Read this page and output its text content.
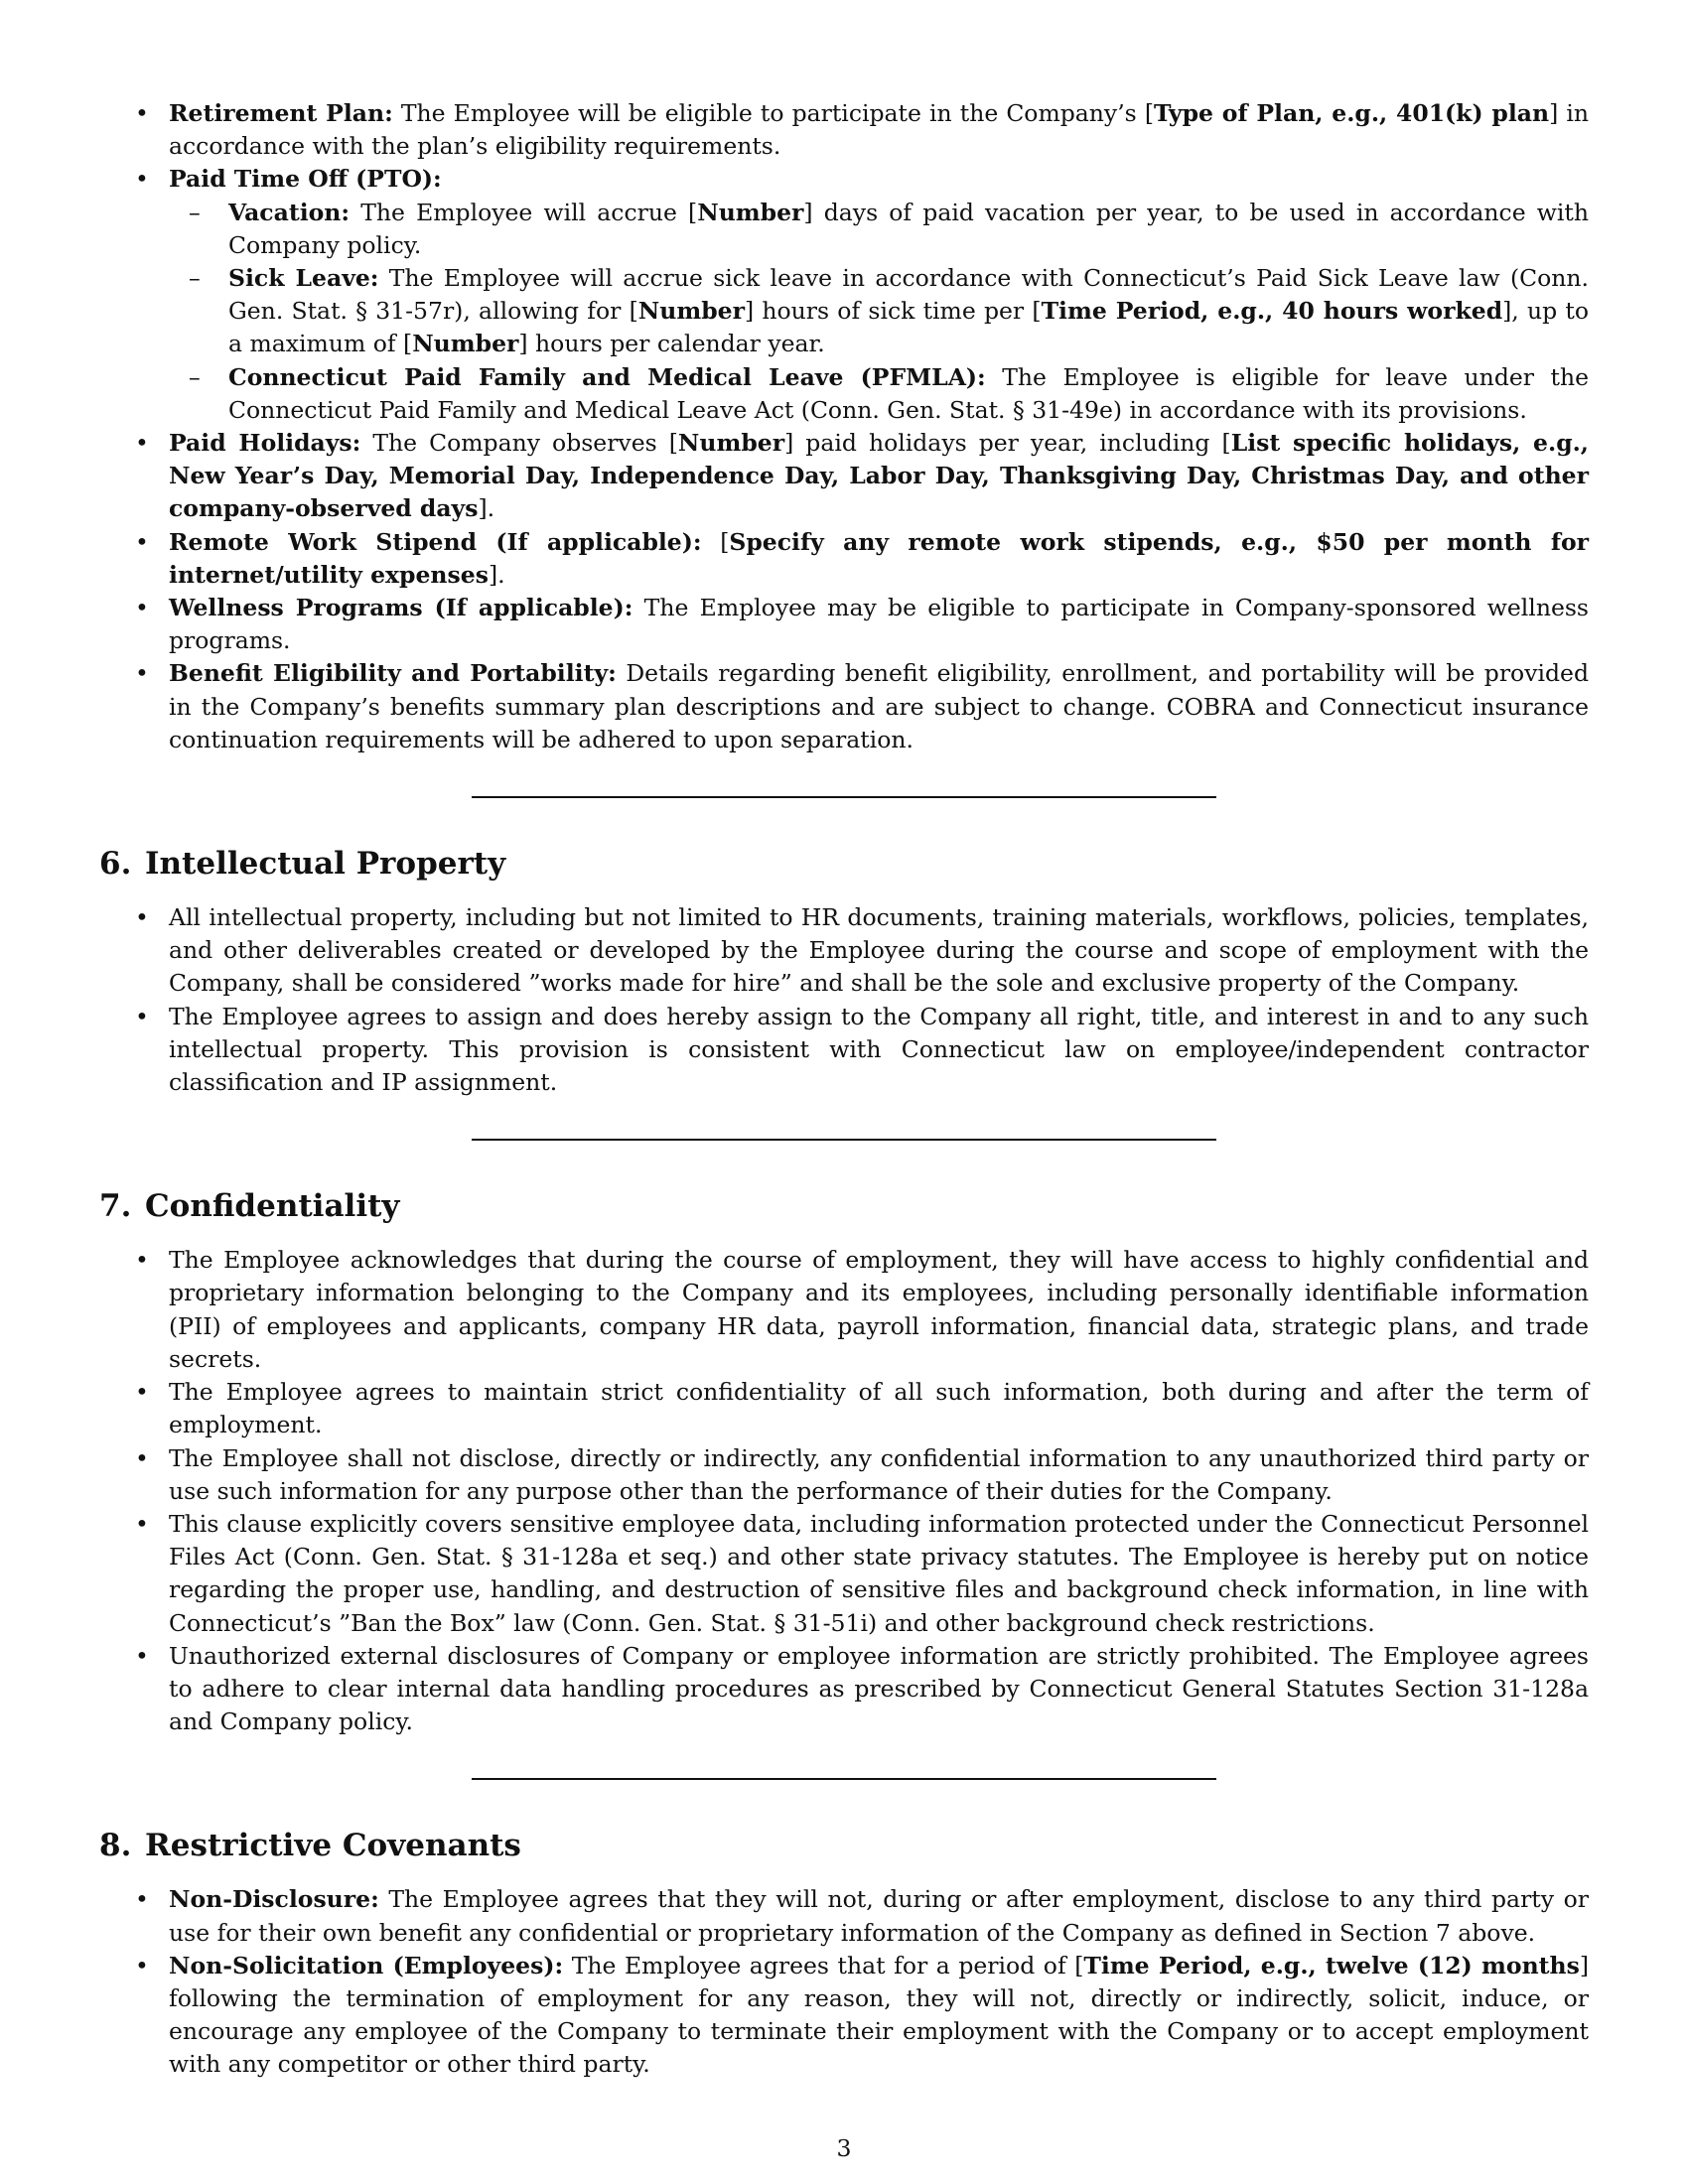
• Retirement Plan: The Employee will be eligible to participate in the Company’s [Type of Plan, e.g., 401(k) plan] in accordance with the plan’s eligibility requirements.
• Paid Time Off (PTO):
–	Vacation: The Employee will accrue [Number] days of paid vacation per year, to be used in accordance with Company policy.
–	Sick Leave: The Employee will accrue sick leave in accordance with Connecticut’s Paid Sick Leave law (Conn. Gen. Stat. § 31-57r), allowing for [Number] hours of sick time per [Time Period, e.g., 40 hours worked], up to a maximum of [Number] hours per calendar year.
–	Connecticut Paid Family and Medical Leave (PFMLA): The Employee is eligible for leave under the Connecticut Paid Family and Medical Leave Act (Conn. Gen. Stat. § 31-49e) in accordance with its provisions.
• Paid Holidays: The Company observes [Number] paid holidays per year, including [List specific holidays, e.g., New Year’s Day, Memorial Day, Independence Day, Labor Day, Thanksgiving Day, Christmas Day, and other company-observed days].
• Remote Work Stipend (If applicable): [Specify any remote work stipends, e.g., $50 per month for internet/utility expenses].
• Wellness Programs (If applicable): The Employee may be eligible to participate in Company-sponsored wellness programs.
• Benefit Eligibility and Portability: Details regarding benefit eligibility, enrollment, and portability will be provided in the Company’s benefits summary plan descriptions and are subject to change. COBRA and Connecticut insurance continuation requirements will be adhered to upon separation.
6. Intellectual Property
• All intellectual property, including but not limited to HR documents, training materials, workflows, policies, templates, and other deliverables created or developed by the Employee during the course and scope of employment with the Company, shall be considered ”works made for hire” and shall be the sole and exclusive property of the Company.
• The Employee agrees to assign and does hereby assign to the Company all right, title, and interest in and to any such intellectual property. This provision is consistent with Connecticut law on employee/independent contractor classification and IP assignment.
7. Confidentiality
• The Employee acknowledges that during the course of employment, they will have access to highly confidential and proprietary information belonging to the Company and its employees, including personally identifiable information (PII) of employees and applicants, company HR data, payroll information, financial data, strategic plans, and trade secrets.
• The Employee agrees to maintain strict confidentiality of all such information, both during and after the term of employment.
• The Employee shall not disclose, directly or indirectly, any confidential information to any unauthorized third party or use such information for any purpose other than the performance of their duties for the Company.
• This clause explicitly covers sensitive employee data, including information protected under the Connecticut Personnel Files Act (Conn. Gen. Stat. § 31-128a et seq.) and other state privacy statutes. The Employee is hereby put on notice regarding the proper use, handling, and destruction of sensitive files and background check information, in line with Connecticut’s ”Ban the Box” law (Conn. Gen. Stat. § 31-51i) and other background check restrictions.
• Unauthorized external disclosures of Company or employee information are strictly prohibited. The Employee agrees to adhere to clear internal data handling procedures as prescribed by Connecticut General Statutes Section 31-128a and Company policy.
8. Restrictive Covenants
• Non-Disclosure: The Employee agrees that they will not, during or after employment, disclose to any third party or use for their own benefit any confidential or proprietary information of the Company as defined in Section 7 above.
• Non-Solicitation (Employees): The Employee agrees that for a period of [Time Period, e.g., twelve (12) months] following the termination of employment for any reason, they will not, directly or indirectly, solicit, induce, or encourage any employee of the Company to terminate their employment with the Company or to accept employment with any competitor or other third party.
3
